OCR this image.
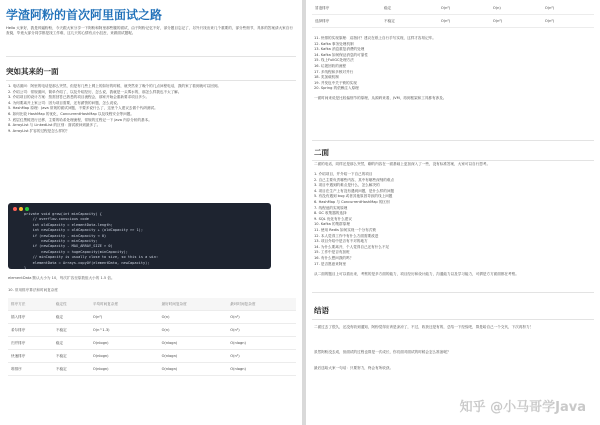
学渣阿粉的首次阿里面试之路
Hello 大家好，我是帅逼粉粉，今天跟大家分享一下阿粉和阿里那些腰的面试，由于阿粉记忆不好，部分题目忘记了，另外只找出来几个重要的，部分些细节，具体的答案请大家自行查阅，毕竟大部分同学都是找工作难，这几天的心情有点小沮丧，来做面试题呢。
突如其来的一面
1. 电话面问：阿里的电话是那么突然，但是有几些上网上的如好的时候，就突然来了晚个的几点问程电话，我的家了看到就可以回到。
2. 介绍公司：常规面问，简单介绍了，以及介绍经历，怎么说，我就是一头雾水的，那怎么样我也不太了解。
3. 介绍项目的设计方案：按需回答已熟悉的项目流程会，那家开始会重新要求项目多少。
4. 为何要离开上家公司：因为项目需要，还有薪资的问题，怎么说说。
5. HashMap 原理：Java 常规的面试问题，不要多说什么了，这里个人建议去做个代码测试。
6. 如何比较 HashMap 的优化，ConcurrentHashMap 以及线程安全等问题。
7. 底层红黑树进行迁移，主要的哈希处理流程，常规的过程记一下 Java 内存分析的基本。
8. ArrayList 与 LinkedList 的区别：面试被问到最多了。
9. ArrayList 扩容的过程是怎么样的？
private void grow(int minCapacity) {
// overflow-conscious code
int oldCapacity = elementData.length;
int newCapacity = oldCapacity + (oldCapacity >> 1);
if (newCapacity - minCapacity < 0)
newCapacity = minCapacity;
if (newCapacity - MAX_ARRAY_SIZE > 0)
newCapacity = hugeCapacity(minCapacity);
// minCapacity is usually close to size, so this is a win:
elementData = Arrays.copyOf(elementData, newCapacity);
}
elementData 默认大小为 10，每次扩容至原数组大小的 1.5 倍。
10. 常用排序算法和时间复杂度
排序方法	稳定性	平均时间复杂度	最好时间复杂度	最坏时间复杂度
插入排序	稳定	O(n²)	O(n)	O(n²)
希尔排序	不稳定	O(n^1.3)	O(n)	O(n²)
归并排序	稳定	O(nlogn)	O(nlogn)	O(nlogn)
快速排序	不稳定	O(nlogn)	O(nlogn)	O(n²)
堆排序	不稳定	O(nlogn)	O(nlogn)	O(nlogn)
冒泡排序	稳定	O(n²)	O(n)	O(n²)
选择排序	不稳定	O(n²)	O(n²)	O(n²)
11. 快排的实现原理：双指针？建议在纸上自行手写实现，这样才容易记牢。
12. Kafka 事务处理机制
13. Kafka 消息重复消费的处理
14. Kafka 如何保证消息的可靠性
15. 线上FullGC处理方法
16. 垃圾回收的流程
17. 多线程和多核对并行
18. 类加载机制
19. 并发包中关于锁的实现
20. Spring 的依赖注入原理
一面时间来说是比较偏细节的原理，从源码来看，JVM，再到框架和工具都有涉及。
二面
二面的电话，同样还是那么突然，聊的内容在一面基础上更加深入了一些，没有标准答案，大家可以自行思考。
1. 介绍项目，并介绍一下自己的项目
2. 自己主要负责哪些内容，其中有哪些深刻的难点
3. 项目中遇到的难点是什么，怎么解决的
4. 项目在生产上有没有遇到问题，是什么样的问题
5. 有没有遇到 bug 或者其他原因导致的线上问题
6. HashMap 与 ConcurrentHashMap 的区别
7. 线程池的实现原理
8. GC 收集器的选择
9. SQL 优化有什么建议
10. Kafka 的集群原理
11. 使用 Redis 如何实现一个分布式锁
12. 本人觉得工作中有什么方面需要改进
13. 项目介绍中是否有不对的地方
14. 为什么要离开，个人觉得自己还有什么不足
15. 工作中是否有加班
16. 有什么想问我的吗？
17. 是否愿意来阿里
从二面的题目上可以看出来，考察的是多方面的能力，项目经历和设计能力，沟通能力以及学习能力，可谓是方方面面都在考察。
结语
二面过去了很久，还没有收到通知，阿粉觉得应该是凉凉了，不过，收获还是有的，总结一下经验吧，算是给自己一个交代，下次再努力！
虽然阿粉没去成，但面试的过程也算是一次成长，你们面对面试的时候会怎么准备呢？
最后送给大家一句话：只要努力，终会有所收获。
知乎 @小马哥学Java
